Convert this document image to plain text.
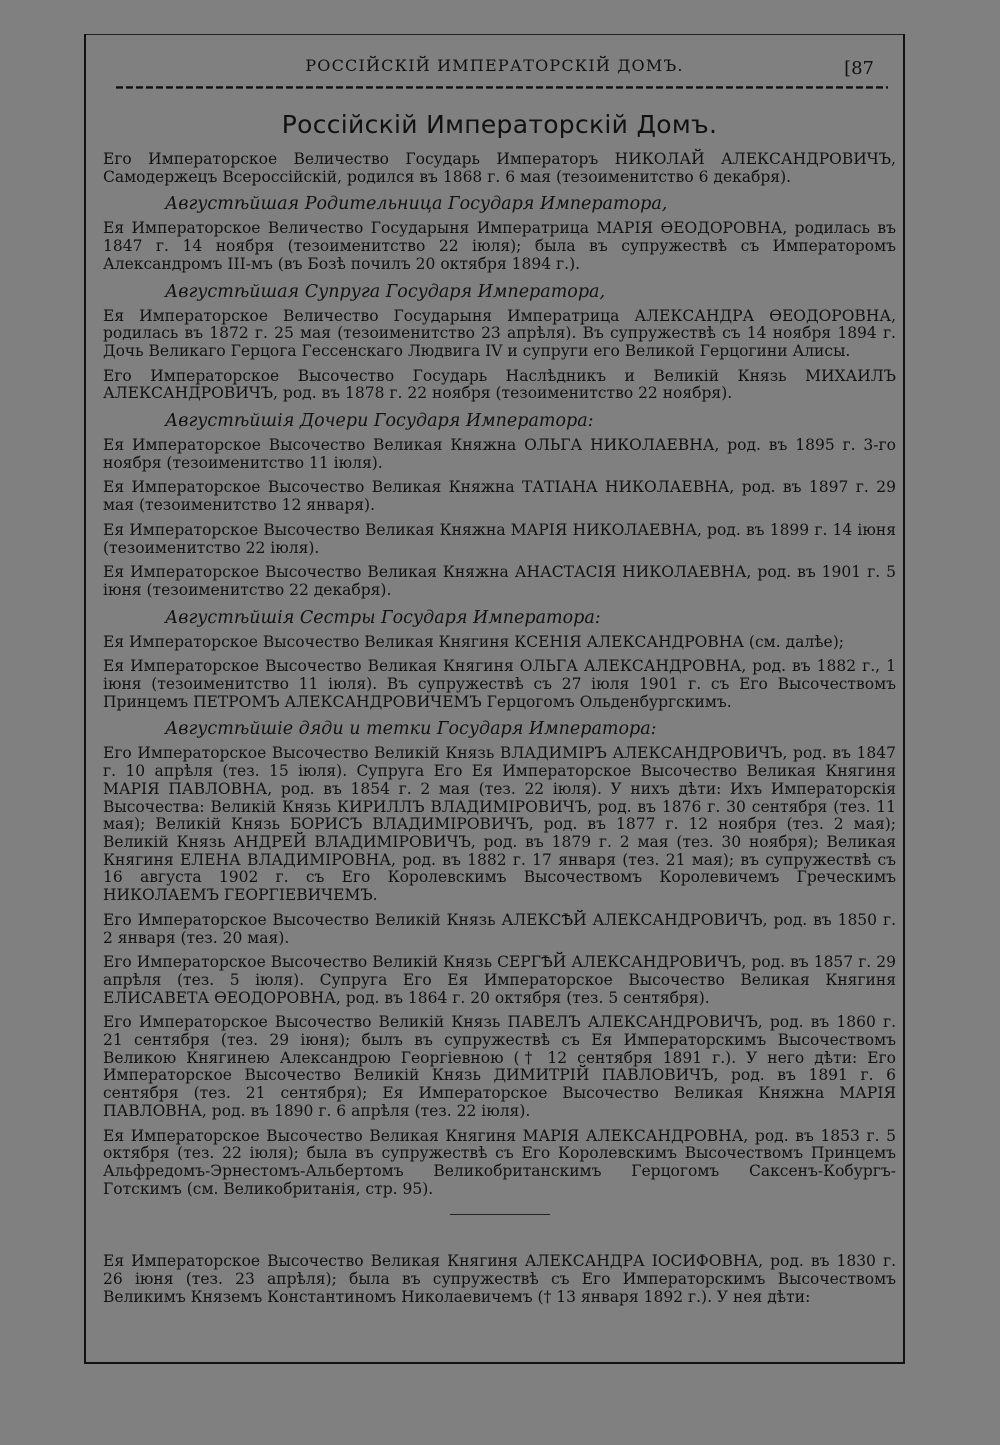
РОССІЙСКІЙ ИМПЕРАТОРСКІЙ ДОМЪ.	[87
Россійскій Императорскій Домъ.

Его Императорское Величество Государь Императоръ НИКОЛАЙ АЛЕКСАНДРОВИЧЪ, Самодержецъ Всероссійскій, родился въ 1868 г. 6 мая (тезоименитство 6 декабря).

Августѣйшая Родительница Государя Императора,

Ея Императорское Величество Государыня Императрица МАРІЯ ѲЕОДОРОВНА, родилась въ 1847 г. 14 ноября (тезоименитство 22 іюля); была въ супружествѣ съ Императоромъ Александромъ III-мъ (въ Бозѣ почилъ 20 октября 1894 г.).

Августѣйшая Супруга Государя Императора,

Ея Императорское Величество Государыня Императрица АЛЕКСАНДРА ѲЕОДОРОВНА, родилась въ 1872 г. 25 мая (тезоименитство 23 апрѣля). Въ супружествѣ съ 14 ноября 1894 г. Дочь Великаго Герцога Гессенскаго Людвига IV и супруги его Великой Герцогини Алисы.

Его Императорское Высочество Государь Наслѣдникъ и Великій Князь МИХАИЛЪ АЛЕКСАНДРОВИЧЪ, род. въ 1878 г. 22 ноября (тезоименитство 22 ноября).

Августѣйшія Дочери Государя Императора:

Ея Императорское Высочество Великая Княжна ОЛЬГА НИКОЛАЕВНА, род. въ 1895 г. 3-го ноября (тезоименитство 11 іюля).

Ея Императорское Высочество Великая Княжна ТАТІАНА НИКОЛАЕВНА, род. въ 1897 г. 29 мая (тезоименитство 12 января).

Ея Императорское Высочество Великая Княжна МАРІЯ НИКОЛАЕВНА, род. въ 1899 г. 14 іюня (тезоименитство 22 іюля).

Ея Императорское Высочество Великая Княжна АНАСТАСІЯ НИКОЛАЕВНА, род. въ 1901 г. 5 іюня (тезоименитство 22 декабря).

Августѣйшія Сестры Государя Императора:

Ея Императорское Высочество Великая Княгиня КСЕНІЯ АЛЕКСАНДРОВНА (см. далѣе);

Ея Императорское Высочество Великая Княгиня ОЛЬГА АЛЕКСАНДРОВНА, род. въ 1882 г., 1 іюня (тезоименитство 11 іюля). Въ супружествѣ съ 27 іюля 1901 г. съ Его Высочествомъ Принцемъ ПЕТРОМЪ АЛЕКСАНДРОВИЧЕМЪ Герцогомъ Ольденбургскимъ.

Августѣйшіе дяди и тетки Государя Императора:

Его Императорское Высочество Великій Князь ВЛАДИМІРЪ АЛЕКСАНДРОВИЧЪ, род. въ 1847 г. 10 апрѣля (тез. 15 іюля). Супруга Его Ея Императорское Высочество Великая Княгиня МАРІЯ ПАВЛОВНА, род. въ 1854 г. 2 мая (тез. 22 іюля). У нихъ дѣти: Ихъ Императорскія Высочества: Великій Князь КИРИЛЛЪ ВЛАДИМІРОВИЧЪ, род. въ 1876 г. 30 сентября (тез. 11 мая); Великій Князь БОРИСЪ ВЛАДИМІРОВИЧЪ, род. въ 1877 г. 12 ноября (тез. 2 мая); Великій Князь АНДРЕЙ ВЛАДИМІРОВИЧЪ, род. въ 1879 г. 2 мая (тез. 30 ноября); Великая Княгиня ЕЛЕНА ВЛАДИМІРОВНА, род. въ 1882 г. 17 января (тез. 21 мая); въ супружествѣ съ 16 августа 1902 г. съ Его Королевскимъ Высочествомъ Королевичемъ Греческимъ НИКОЛАЕМЪ ГЕОРГІЕВИЧЕМЪ.

Его Императорское Высочество Великій Князь АЛЕКСѢЙ АЛЕКСАНДРОВИЧЪ, род. въ 1850 г. 2 января (тез. 20 мая).

Его Императорское Высочество Великій Князь СЕРГѢЙ АЛЕКСАНДРОВИЧЪ, род. въ 1857 г. 29 апрѣля (тез. 5 іюля). Супруга Его Ея Императорское Высочество Великая Княгиня ЕЛИСАВЕТА ѲЕОДОРОВНА, род. въ 1864 г. 20 октября (тез. 5 сентября).

Его Императорское Высочество Великій Князь ПАВЕЛЪ АЛЕКСАНДРОВИЧЪ, род. въ 1860 г. 21 сентября (тез. 29 іюня); былъ въ супружествѣ съ Ея Императорскимъ Высочествомъ Великою Княгинею Александрою Георгіевною († 12 сентября 1891 г.). У него дѣти: Его Императорское Высочество Великій Князь ДИМИТРІЙ ПАВЛОВИЧЪ, род. въ 1891 г. 6 сентября (тез. 21 сентября); Ея Императорское Высочество Великая Княжна МАРІЯ ПАВЛОВНА, род. въ 1890 г. 6 апрѣля (тез. 22 іюля).

Ея Императорское Высочество Великая Княгиня МАРІЯ АЛЕКСАНДРОВНА, род. въ 1853 г. 5 октября (тез. 22 іюля); была въ супружествѣ съ Его Королевскимъ Высочествомъ Принцемъ Альфредомъ-Эрнестомъ-Альбертомъ Великобританскимъ Герцогомъ Саксенъ-Кобургъ-Готскимъ (см. Великобританія, стр. 95).

Ея Императорское Высочество Великая Княгиня АЛЕКСАНДРА ІОСИФОВНА, род. въ 1830 г. 26 іюня (тез. 23 апрѣля); была въ супружествѣ съ Его Императорскимъ Высочествомъ Великимъ Княземъ Константиномъ Николаевичемъ († 13 января 1892 г.). У нея дѣти:
